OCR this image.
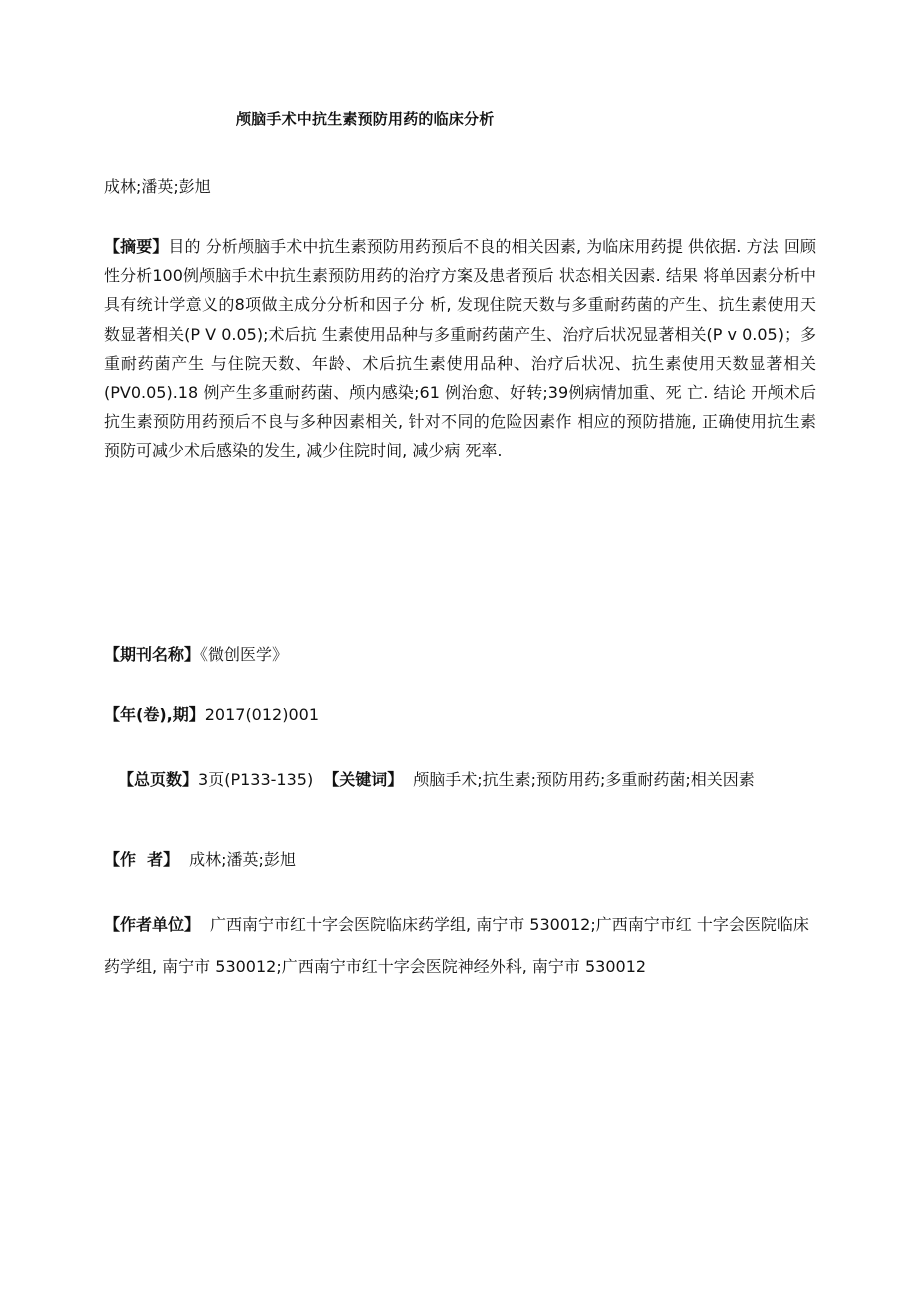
颅脑手术中抗生素预防用药的临床分析
成林;潘英;彭旭
【摘要】目的 分析颅脑手术中抗生素预防用药预后不良的相关因素, 为临床用药提 供依据. 方法 回顾性分析100例颅脑手术中抗生素预防用药的治疗方案及患者预后 状态相关因素. 结果 将单因素分析中具有统计学意义的8项做主成分分析和因子分 析, 发现住院天数与多重耐药菌的产生、抗生素使用天数显著相关(P V 0.05);术后抗 生素使用品种与多重耐药菌产生、治疗后状况显著相关(P v 0.05)；多重耐药菌产生 与住院天数、年龄、术后抗生素使用品种、治疗后状况、抗生素使用天数显著相关 (PV0.05).18 例产生多重耐药菌、颅内感染;61 例治愈、好转;39例病情加重、死 亡. 结论 开颅术后抗生素预防用药预后不良与多种因素相关, 针对不同的危险因素作 相应的预防措施, 正确使用抗生素预防可减少术后感染的发生, 减少住院时间, 减少病 死率.
【期刊名称】《微创医学》
【年(卷),期】2017(012)001
【总页数】3页(P133-135) 【关键词】 颅脑手术;抗生素;预防用药;多重耐药菌;相关因素
【作  者】 成林;潘英;彭旭
【作者单位】 广西南宁市红十字会医院临床药学组, 南宁市 530012;广西南宁市红 十字会医院临床药学组, 南宁市 530012;广西南宁市红十字会医院神经外科, 南宁市 530012
